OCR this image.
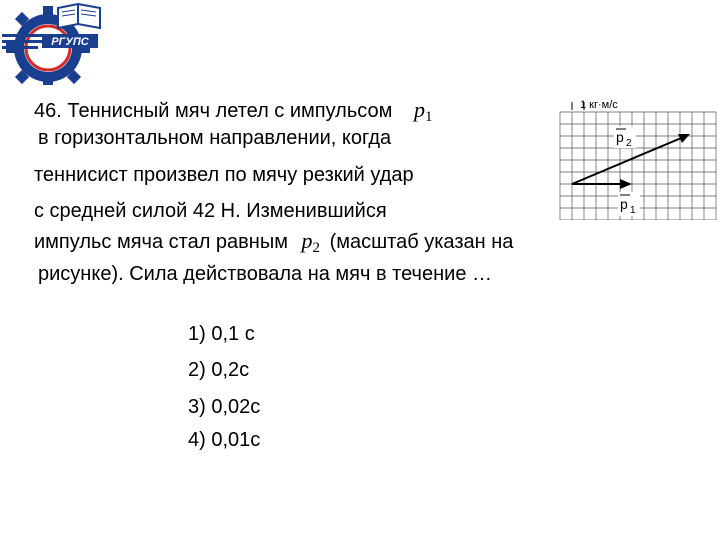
РГУПС
46. Теннисный мяч летел с импульсом $p_1$
в горизонтальном направлении, когда
теннисист произвел по мячу резкий удар
с средней силой 42 Н. Изменившийся
импульс мяча стал равным $p_2$ (масштаб указан на
рисунке). Сила действовала на мяч в течение …
1) 0,1 с
2) 0,2с
3) 0,02с
4) 0,01с
1 кг·м/с
p 2
p 1
